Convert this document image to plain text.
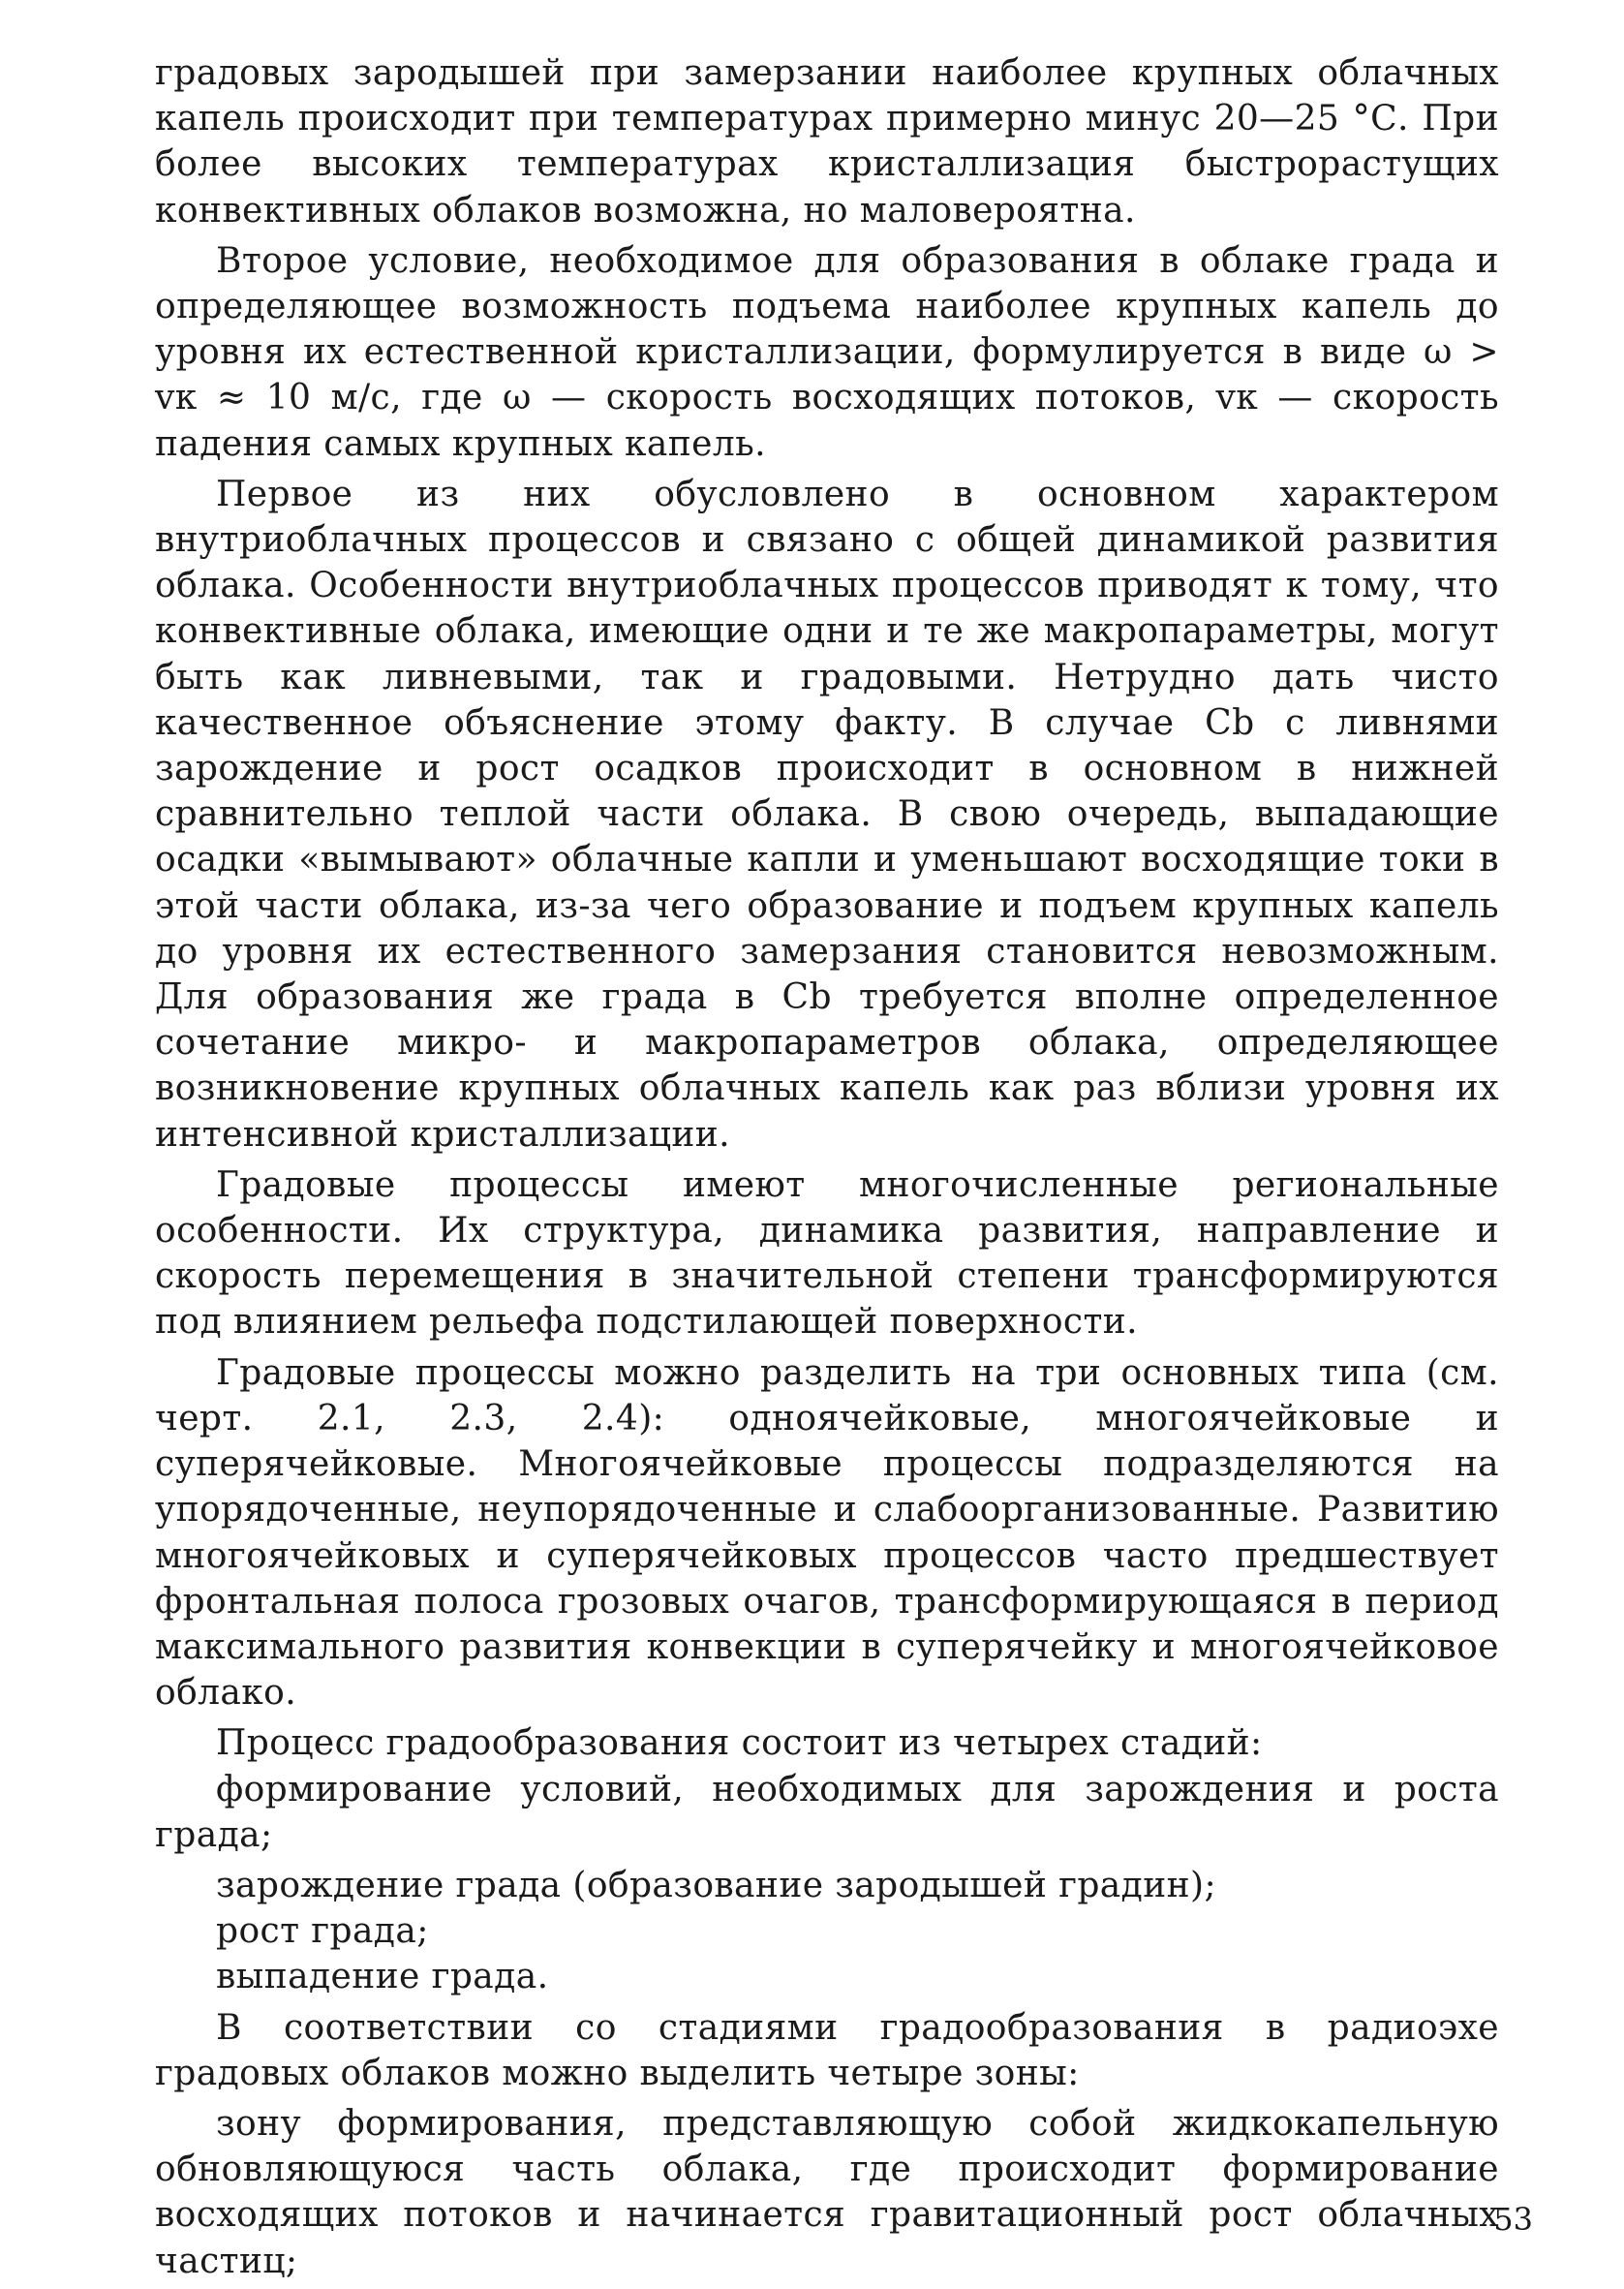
градовых зародышей при замерзании наиболее крупных облачных капель происходит при температурах примерно минус 20—25 °С. При более высоких температурах кристаллизация быстрорастущих конвективных облаков возможна, но маловероятна.

Второе условие, необходимое для образования в облаке града и определяющее возможность подъема наиболее крупных капель до уровня их естественной кристаллизации, формулируется в виде ω > vк ≈ 10 м/с, где ω — скорость восходящих потоков, vк — скорость падения самых крупных капель.

Первое из них обусловлено в основном характером внутриоблачных процессов и связано с общей динамикой развития облака. Особенности внутриоблачных процессов приводят к тому, что конвективные облака, имеющие одни и те же макропараметры, могут быть как ливневыми, так и градовыми. Нетрудно дать чисто качественное объяснение этому факту. В случае Cb с ливнями зарождение и рост осадков происходит в основном в нижней сравнительно теплой части облака. В свою очередь, выпадающие осадки «вымывают» облачные капли и уменьшают восходящие токи в этой части облака, из-за чего образование и подъем крупных капель до уровня их естественного замерзания становится невозможным. Для образования же града в Cb требуется вполне определенное сочетание микро- и макропараметров облака, определяющее возникновение крупных облачных капель как раз вблизи уровня их интенсивной кристаллизации.

Градовые процессы имеют многочисленные региональные особенности. Их структура, динамика развития, направление и скорость перемещения в значительной степени трансформируются под влиянием рельефа подстилающей поверхности.

Градовые процессы можно разделить на три основных типа (см. черт. 2.1, 2.3, 2.4): одноячейковые, многоячейковые и суперячейковые. Многоячейковые процессы подразделяются на упорядоченные, неупорядоченные и слабоорганизованные. Развитию многоячейковых и суперячейковых процессов часто предшествует фронтальная полоса грозовых очагов, трансформирующаяся в период максимального развития конвекции в суперячейку и многоячейковое облако.

Процесс градообразования состоит из четырех стадий:

формирование условий, необходимых для зарождения и роста града;

зарождение града (образование зародышей градин);

рост града;

выпадение града.

В соответствии со стадиями градообразования в радиоэхе градовых облаков можно выделить четыре зоны:

зону формирования, представляющую собой жидкокапельную обновляющуюся часть облака, где происходит формирование восходящих потоков и начинается гравитационный рост облачных частиц;

53
